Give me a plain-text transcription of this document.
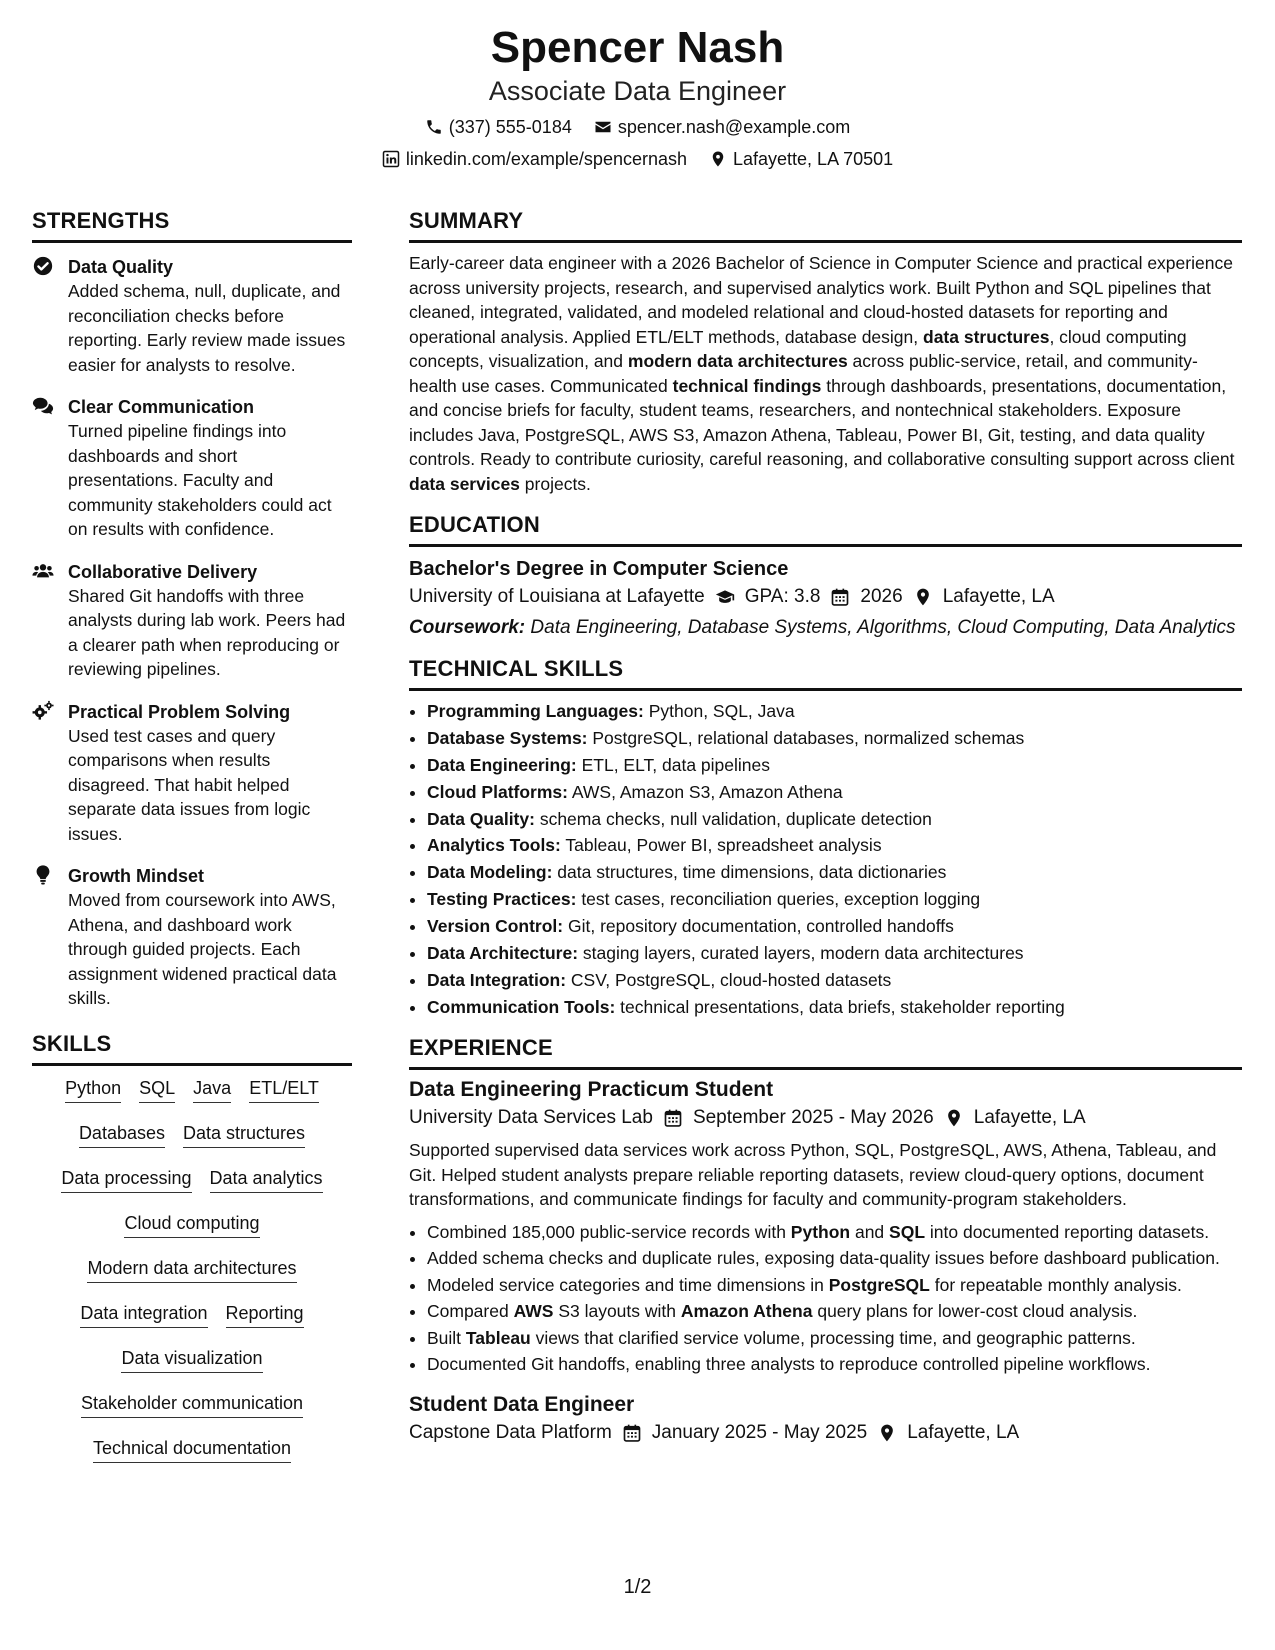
Spencer Nash
Associate Data Engineer
(337) 555-0184	spencer.nash@example.com
linkedin.com/example/spencernash	Lafayette, LA 70501
STRENGTHS
Data Quality
Added schema, null, duplicate, and reconciliation checks before reporting. Early review made issues easier for analysts to resolve.
Clear Communication
Turned pipeline findings into dashboards and short presentations. Faculty and community stakeholders could act on results with confidence.
Collaborative Delivery
Shared Git handoffs with three analysts during lab work. Peers had a clearer path when reproducing or reviewing pipelines.
Practical Problem Solving
Used test cases and query comparisons when results disagreed. That habit helped separate data issues from logic issues.
Growth Mindset
Moved from coursework into AWS, Athena, and dashboard work through guided projects. Each assignment widened practical data skills.
SKILLS
Python SQL Java ETL/ELT
Databases Data structures
Data processing Data analytics
Cloud computing
Modern data architectures
Data integration Reporting
Data visualization
Stakeholder communication
Technical documentation
SUMMARY

Early-career data engineer with a 2026 Bachelor of Science in Computer Science and practical experience across university projects, research, and supervised analytics work. Built Python and SQL pipelines that cleaned, integrated, validated, and modeled relational and cloud-hosted datasets for reporting and operational analysis. Applied ETL/ELT methods, database design, data structures, cloud computing concepts, visualization, and modern data architectures across public-service, retail, and community-health use cases. Communicated technical findings through dashboards, presentations, documentation, and concise briefs for faculty, student teams, researchers, and nontechnical stakeholders. Exposure includes Java, PostgreSQL, AWS S3, Amazon Athena, Tableau, Power BI, Git, testing, and data quality controls. Ready to contribute curiosity, careful reasoning, and collaborative consulting support across client data services projects.

EDUCATION
Bachelor's Degree in Computer Science
University of Louisiana at Lafayette GPA: 3.8 2026 Lafayette, LA
Coursework: Data Engineering, Database Systems, Algorithms, Cloud Computing, Data Analytics
TECHNICAL SKILLS
• Programming Languages: Python, SQL, Java
• Database Systems: PostgreSQL, relational databases, normalized schemas
• Data Engineering: ETL, ELT, data pipelines
• Cloud Platforms: AWS, Amazon S3, Amazon Athena
• Data Quality: schema checks, null validation, duplicate detection
• Analytics Tools: Tableau, Power BI, spreadsheet analysis
• Data Modeling: data structures, time dimensions, data dictionaries
• Testing Practices: test cases, reconciliation queries, exception logging
• Version Control: Git, repository documentation, controlled handoffs
• Data Architecture: staging layers, curated layers, modern data architectures
• Data Integration: CSV, PostgreSQL, cloud-hosted datasets
• Communication Tools: technical presentations, data briefs, stakeholder reporting
EXPERIENCE
Data Engineering Practicum Student
University Data Services Lab September 2025 - May 2026 Lafayette, LA
Supported supervised data services work across Python, SQL, PostgreSQL, AWS, Athena, Tableau, and Git. Helped student analysts prepare reliable reporting datasets, review cloud-query options, document transformations, and communicate findings for faculty and community-program stakeholders.
• Combined 185,000 public-service records with Python and SQL into documented reporting datasets.
• Added schema checks and duplicate rules, exposing data-quality issues before dashboard publication.
• Modeled service categories and time dimensions in PostgreSQL for repeatable monthly analysis.
• Compared AWS S3 layouts with Amazon Athena query plans for lower-cost cloud analysis.
• Built Tableau views that clarified service volume, processing time, and geographic patterns.
• Documented Git handoffs, enabling three analysts to reproduce controlled pipeline workflows.
Student Data Engineer
Capstone Data Platform January 2025 - May 2025 Lafayette, LA
1/2
